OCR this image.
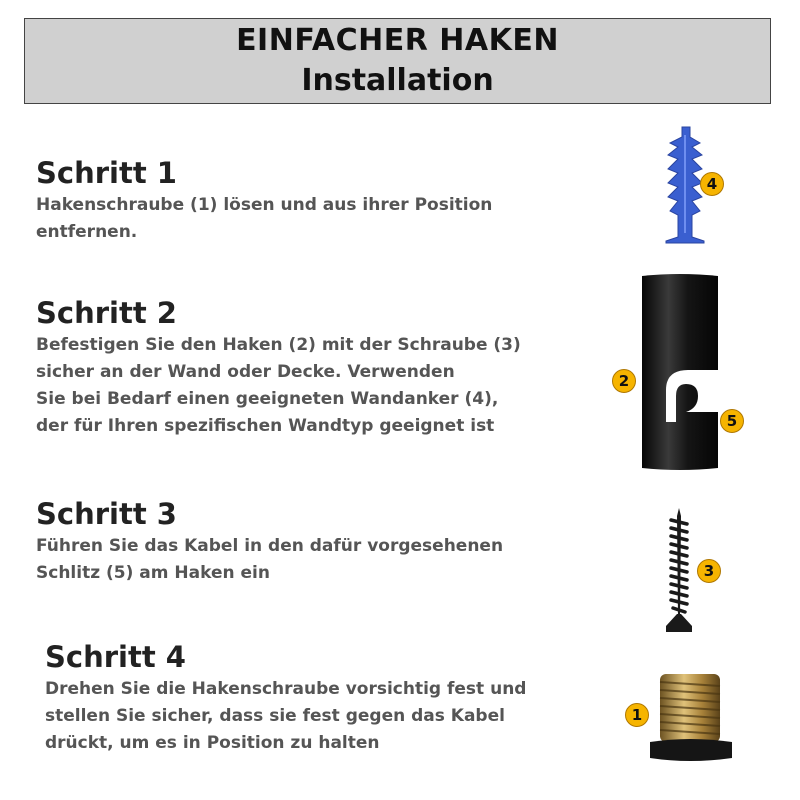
EINFACHER HAKEN
Installation
Schritt 1

Hakenschraube (1) lösen und aus ihrer Position
entfernen.

Schritt 2

Befestigen Sie den Haken (2) mit der Schraube (3)
sicher an der Wand oder Decke. Verwenden
Sie bei Bedarf einen geeigneten Wandanker (4),
der für Ihren spezifischen Wandtyp geeignet ist

Schritt 3

Führen Sie das Kabel in den dafür vorgesehenen
Schlitz (5) am Haken ein

Schritt 4

Drehen Sie die Hakenschraube vorsichtig fest und
stellen Sie sicher, dass sie fest gegen das Kabel
drückt, um es in Position zu halten

4
2
5
3
1
